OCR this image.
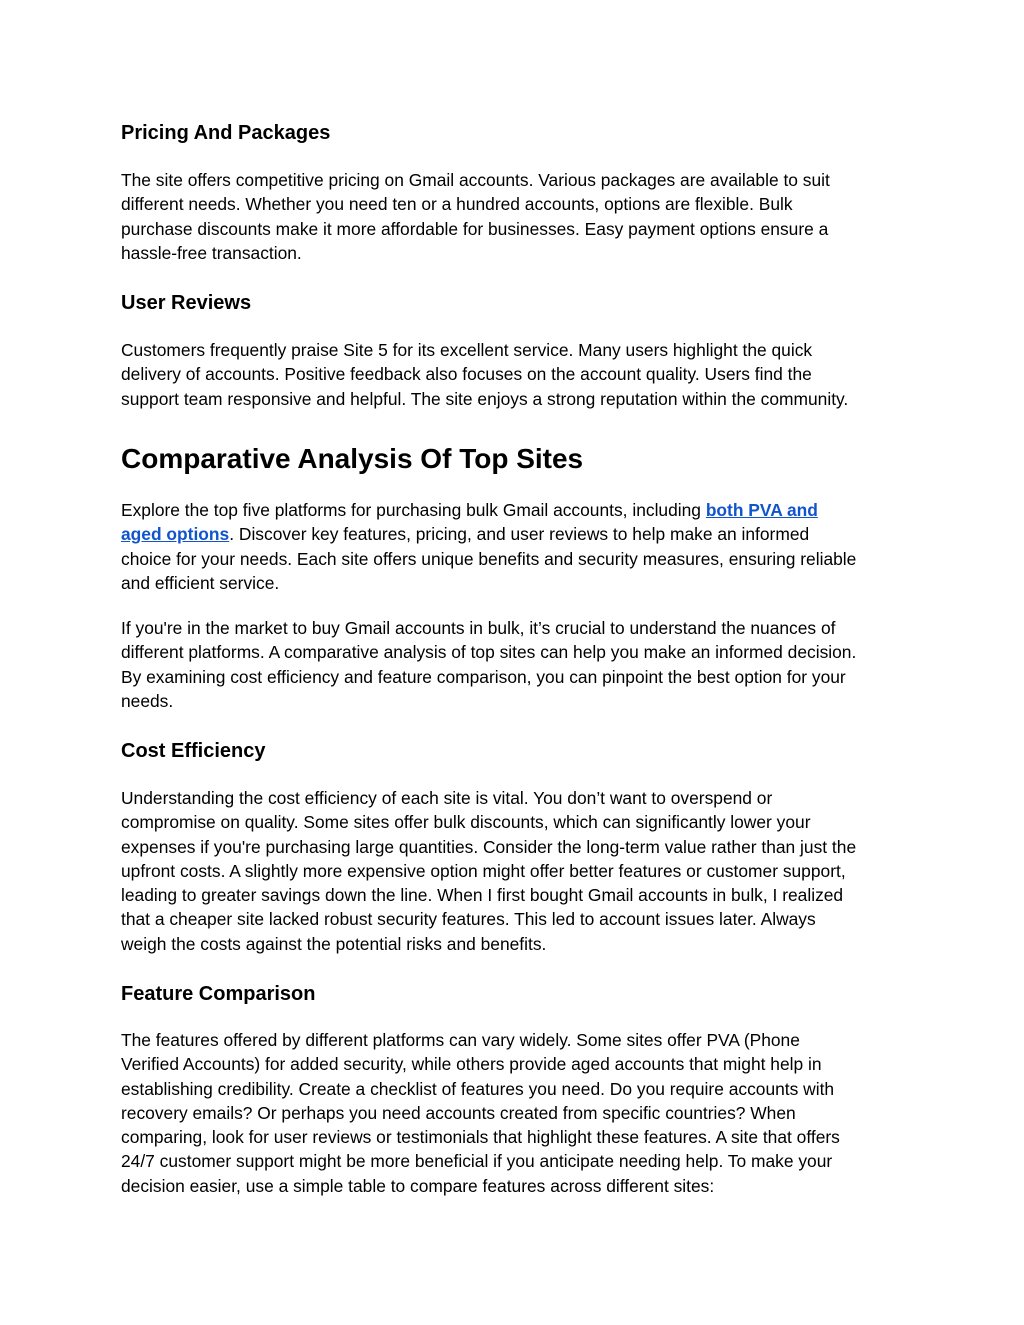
Pricing And Packages

The site offers competitive pricing on Gmail accounts. Various packages are available to suit
different needs. Whether you need ten or a hundred accounts, options are flexible. Bulk
purchase discounts make it more affordable for businesses. Easy payment options ensure a
hassle-free transaction.

User Reviews

Customers frequently praise Site 5 for its excellent service. Many users highlight the quick
delivery of accounts. Positive feedback also focuses on the account quality. Users find the
support team responsive and helpful. The site enjoys a strong reputation within the community.

Comparative Analysis Of Top Sites

Explore the top five platforms for purchasing bulk Gmail accounts, including both PVA and
aged options. Discover key features, pricing, and user reviews to help make an informed
choice for your needs. Each site offers unique benefits and security measures, ensuring reliable
and efficient service.

If you're in the market to buy Gmail accounts in bulk, it’s crucial to understand the nuances of
different platforms. A comparative analysis of top sites can help you make an informed decision.
By examining cost efficiency and feature comparison, you can pinpoint the best option for your
needs.

Cost Efficiency

Understanding the cost efficiency of each site is vital. You don’t want to overspend or
compromise on quality. Some sites offer bulk discounts, which can significantly lower your
expenses if you're purchasing large quantities. Consider the long-term value rather than just the
upfront costs. A slightly more expensive option might offer better features or customer support,
leading to greater savings down the line. When I first bought Gmail accounts in bulk, I realized
that a cheaper site lacked robust security features. This led to account issues later. Always
weigh the costs against the potential risks and benefits.

Feature Comparison

The features offered by different platforms can vary widely. Some sites offer PVA (Phone
Verified Accounts) for added security, while others provide aged accounts that might help in
establishing credibility. Create a checklist of features you need. Do you require accounts with
recovery emails? Or perhaps you need accounts created from specific countries? When
comparing, look for user reviews or testimonials that highlight these features. A site that offers
24/7 customer support might be more beneficial if you anticipate needing help. To make your
decision easier, use a simple table to compare features across different sites:
